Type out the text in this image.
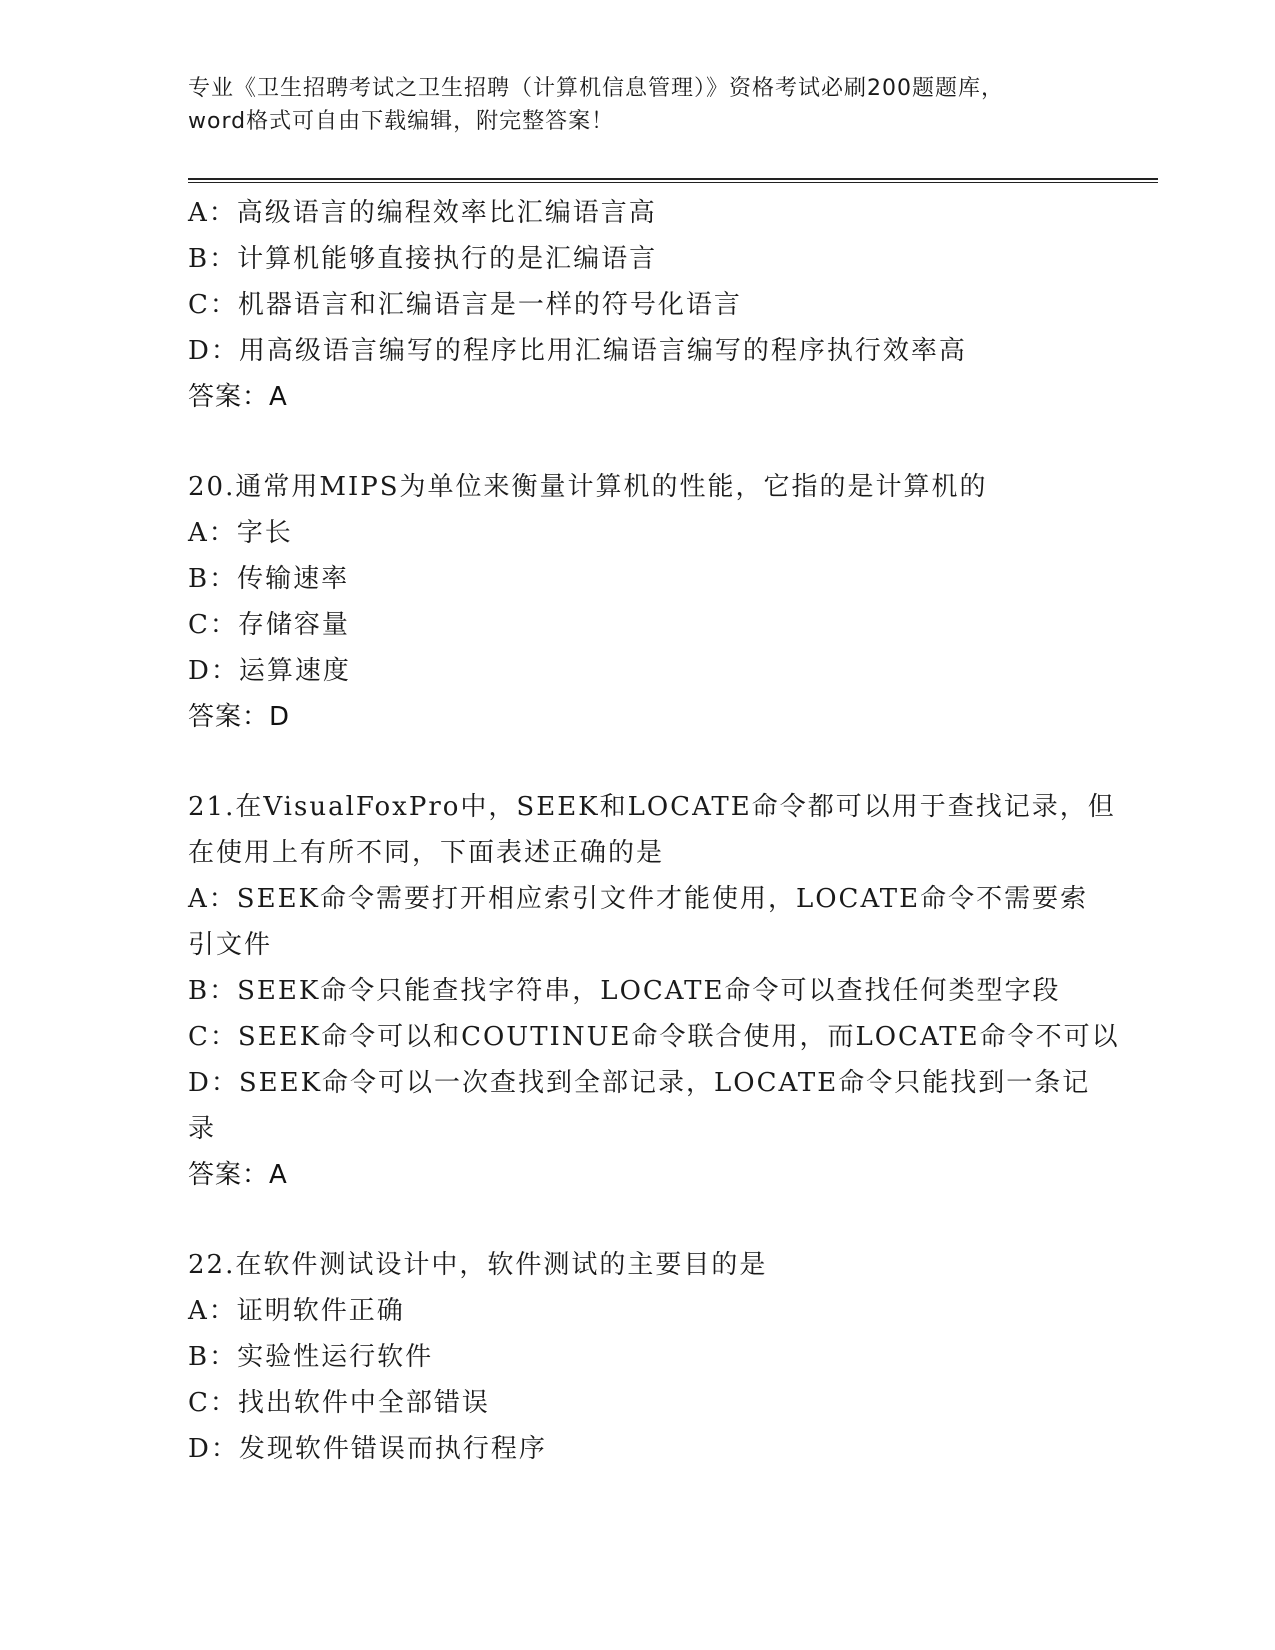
专业《卫生招聘考试之卫生招聘（计算机信息管理）》资格考试必刷200题题库，
word格式可自由下载编辑，附完整答案！
A：高级语言的编程效率比汇编语言高
B：计算机能够直接执行的是汇编语言
C：机器语言和汇编语言是一样的符号化语言
D：用高级语言编写的程序比用汇编语言编写的程序执行效率高
答案：A
20.通常用MIPS为单位来衡量计算机的性能，它指的是计算机的
A：字长
B：传输速率
C：存储容量
D：运算速度
答案：D
21.在VisualFoxPro中，SEEK和LOCATE命令都可以用于查找记录，但
在使用上有所不同，下面表述正确的是
A：SEEK命令需要打开相应索引文件才能使用，LOCATE命令不需要索
引文件
B：SEEK命令只能查找字符串，LOCATE命令可以查找任何类型字段
C：SEEK命令可以和COUTINUE命令联合使用，而LOCATE命令不可以
D：SEEK命令可以一次查找到全部记录，LOCATE命令只能找到一条记
录
答案：A
22.在软件测试设计中，软件测试的主要目的是
A：证明软件正确
B：实验性运行软件
C：找出软件中全部错误
D：发现软件错误而执行程序
